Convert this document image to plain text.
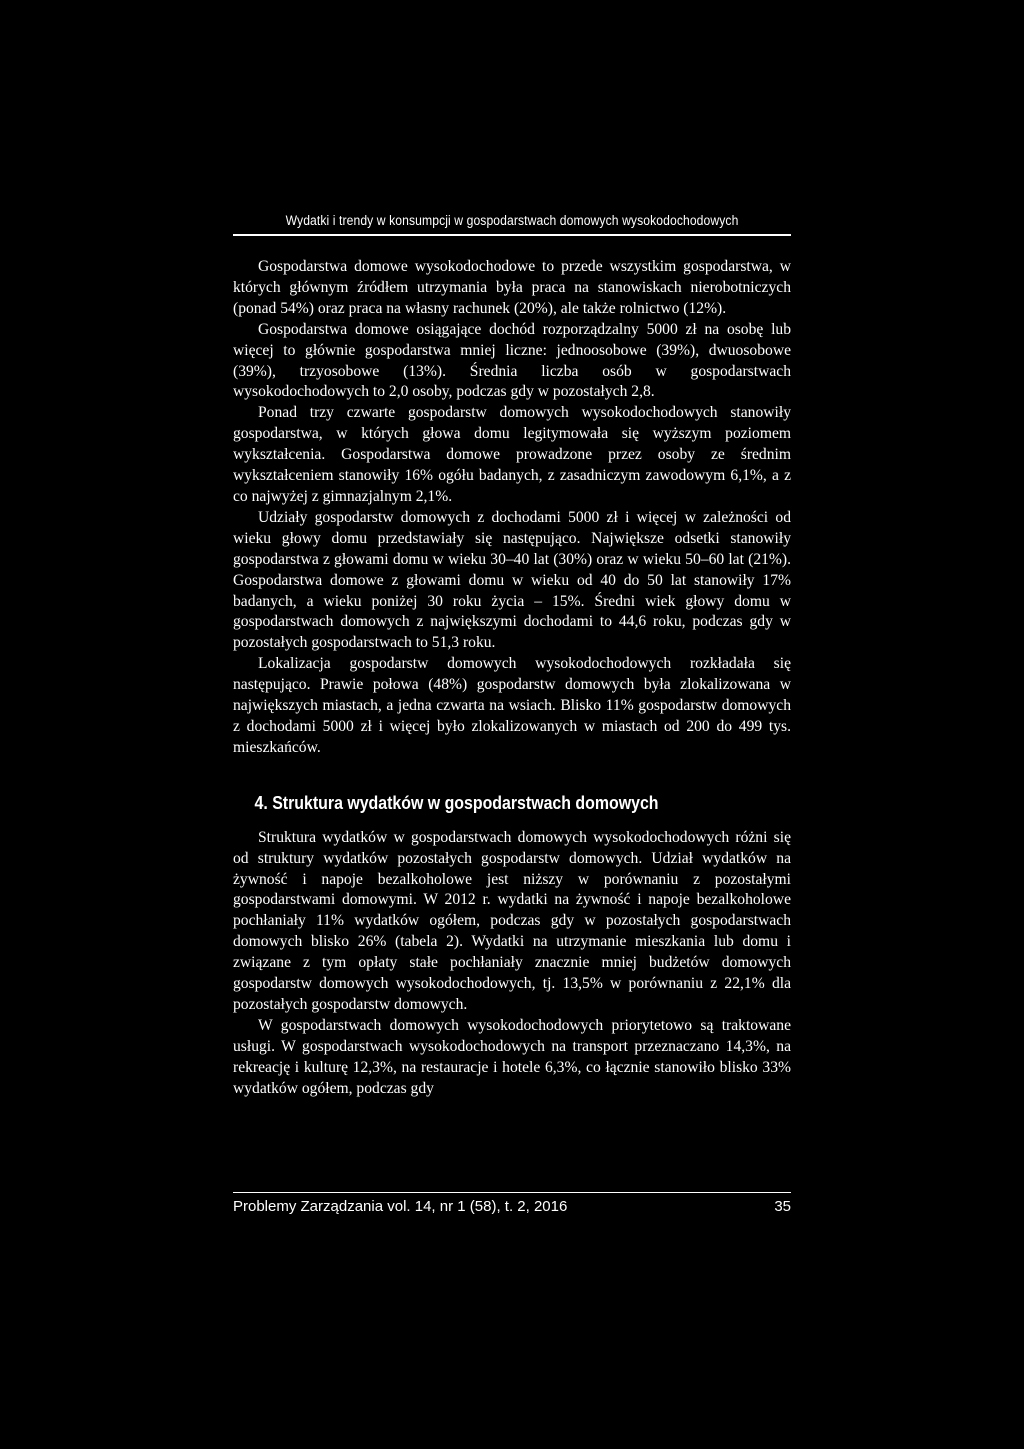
Wydatki i trendy w konsumpcji w gospodarstwach domowych wysokodochodowych

Gospodarstwa domowe wysokodochodowe to przede wszystkim gospodarstwa, w których głównym źródłem utrzymania była praca na stanowiskach nierobotniczych (ponad 54%) oraz praca na własny rachunek (20%), ale także rolnictwo (12%).

Gospodarstwa domowe osiągające dochód rozporządzalny 5000 zł na osobę lub więcej to głównie gospodarstwa mniej liczne: jednoosobowe (39%), dwuosobowe (39%), trzyosobowe (13%). Średnia liczba osób w gospodarstwach wysokodochodowych to 2,0 osoby, podczas gdy w pozostałych 2,8.

Ponad trzy czwarte gospodarstw domowych wysokodochodowych stanowiły gospodarstwa, w których głowa domu legitymowała się wyższym poziomem wykształcenia. Gospodarstwa domowe prowadzone przez osoby ze średnim wykształceniem stanowiły 16% ogółu badanych, z zasadniczym zawodowym 6,1%, a z co najwyżej z gimnazjalnym 2,1%.

Udziały gospodarstw domowych z dochodami 5000 zł i więcej w zależności od wieku głowy domu przedstawiały się następująco. Największe odsetki stanowiły gospodarstwa z głowami domu w wieku 30–40 lat (30%) oraz w wieku 50–60 lat (21%). Gospodarstwa domowe z głowami domu w wieku od 40 do 50 lat stanowiły 17% badanych, a wieku poniżej 30 roku życia – 15%. Średni wiek głowy domu w gospodarstwach domowych z największymi dochodami to 44,6 roku, podczas gdy w pozostałych gospodarstwach to 51,3 roku.

Lokalizacja gospodarstw domowych wysokodochodowych rozkładała się następująco. Prawie połowa (48%) gospodarstw domowych była zlokalizowana w największych miastach, a jedna czwarta na wsiach. Blisko 11% gospodarstw domowych z dochodami 5000 zł i więcej było zlokalizowanych w miastach od 200 do 499 tys. mieszkańców.

4. Struktura wydatków w gospodarstwach domowych

Struktura wydatków w gospodarstwach domowych wysokodochodowych różni się od struktury wydatków pozostałych gospodarstw domowych. Udział wydatków na żywność i napoje bezalkoholowe jest niższy w porównaniu z pozostałymi gospodarstwami domowymi. W 2012 r. wydatki na żywność i napoje bezalkoholowe pochłaniały 11% wydatków ogółem, podczas gdy w pozostałych gospodarstwach domowych blisko 26% (tabela 2). Wydatki na utrzymanie mieszkania lub domu i związane z tym opłaty stałe pochłaniały znacznie mniej budżetów domowych gospodarstw domowych wysokodochodowych, tj. 13,5% w porównaniu z 22,1% dla pozostałych gospodarstw domowych.

W gospodarstwach domowych wysokodochodowych priorytetowo są traktowane usługi. W gospodarstwach wysokodochodowych na transport przeznaczano 14,3%, na rekreację i kulturę 12,3%, na restauracje i hotele 6,3%, co łącznie stanowiło blisko 33% wydatków ogółem, podczas gdy

Problemy Zarządzania vol. 14, nr 1 (58), t. 2, 2016	35
